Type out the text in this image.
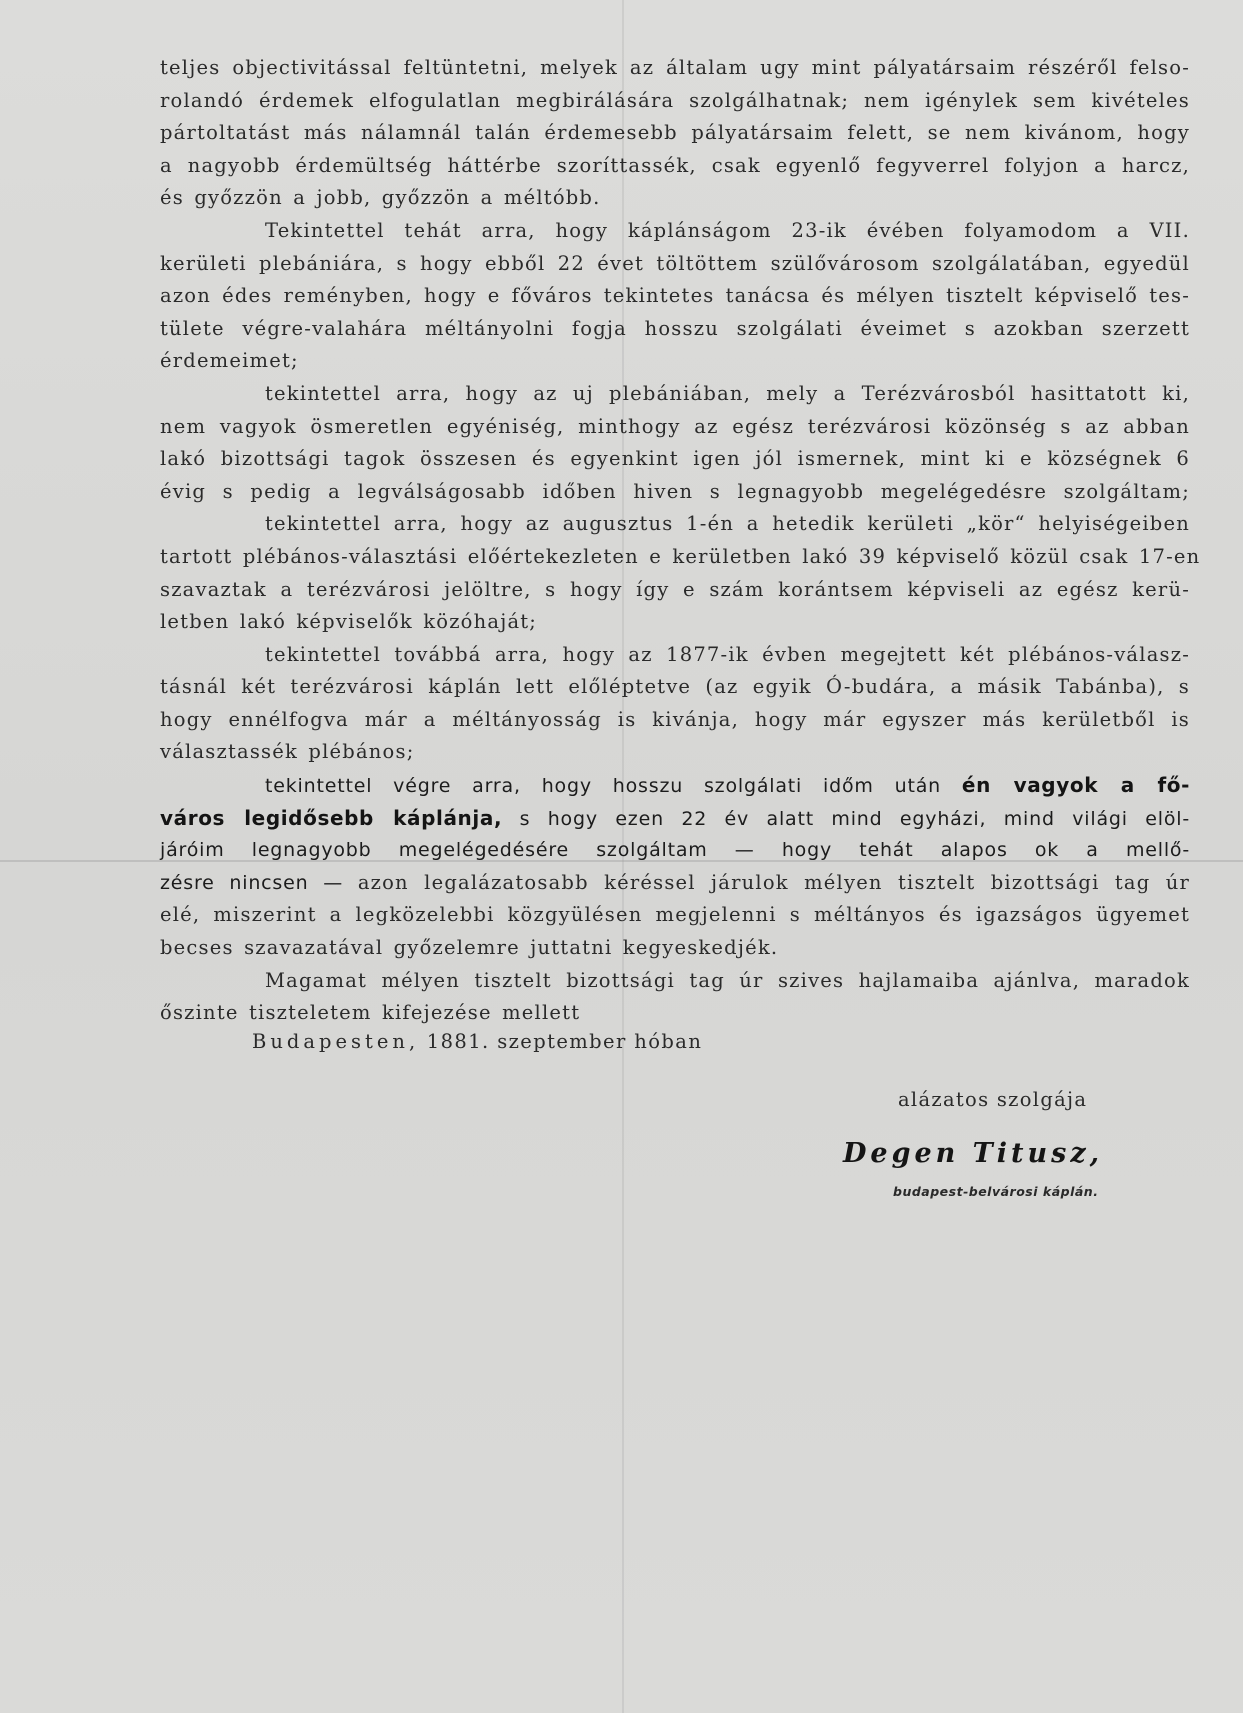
teljes objectivitással feltüntetni, melyek az általam ugy mint pályatársaim részéről felso-
rolandó érdemek elfogulatlan megbirálására szolgálhatnak; nem igénylek sem kivételes
pártoltatást más nálamnál talán érdemesebb pályatársaim felett, se nem kivánom, hogy
a nagyobb érdemültség háttérbe szoríttassék, csak egyenlő fegyverrel folyjon a harcz,
és győzzön a jobb, győzzön a méltóbb.
Tekintettel tehát arra, hogy káplánságom 23-ik évében folyamodom a VII.
kerületi plebániára, s hogy ebből 22 évet töltöttem szülővárosom szolgálatában, egyedül
azon édes reményben, hogy e főváros tekintetes tanácsa és mélyen tisztelt képviselő tes-
tülete végre-valahára méltányolni fogja hosszu szolgálati éveimet s azokban szerzett
érdemeimet;
tekintettel arra, hogy az uj plebániában, mely a Terézvárosból hasittatott ki,
nem vagyok ösmeretlen egyéniség, minthogy az egész terézvárosi közönség s az abban
lakó bizottsági tagok összesen és egyenkint igen jól ismernek, mint ki e községnek 6
évig s pedig a legválságosabb időben hiven s legnagyobb megelégedésre szolgáltam;
tekintettel arra, hogy az augusztus 1-én a hetedik kerületi „kör“ helyiségeiben
tartott plébános-választási előértekezleten e kerületben lakó 39 képviselő közül csak 17-en
szavaztak a terézvárosi jelöltre, s hogy így e szám korántsem képviseli az egész kerü-
letben lakó képviselők közóhaját;
tekintettel továbbá arra, hogy az 1877-ik évben megejtett két plébános-válasz-
tásnál két terézvárosi káplán lett előléptetve (az egyik Ó-budára, a másik Tabánba), s
hogy ennélfogva már a méltányosság is kivánja, hogy már egyszer más kerületből is
választassék plébános;
tekintettel végre arra, hogy hosszu szolgálati időm után én vagyok a fő-
város legidősebb káplánja, s hogy ezen 22 év alatt mind egyházi, mind világi elöl-
járóim legnagyobb megelégedésére szolgáltam — hogy tehát alapos ok a mellő-
zésre nincsen — azon legalázatosabb kéréssel járulok mélyen tisztelt bizottsági tag úr
elé, miszerint a legközelebbi közgyülésen megjelenni s méltányos és igazságos ügyemet
becses szavazatával győzelemre juttatni kegyeskedjék.
Magamat mélyen tisztelt bizottsági tag úr szives hajlamaiba ajánlva, maradok
őszinte tiszteletem kifejezése mellett
Budapesten, 1881. szeptember hóban
alázatos szolgája
Degen Titusz,
budapest-belvárosi káplán.
